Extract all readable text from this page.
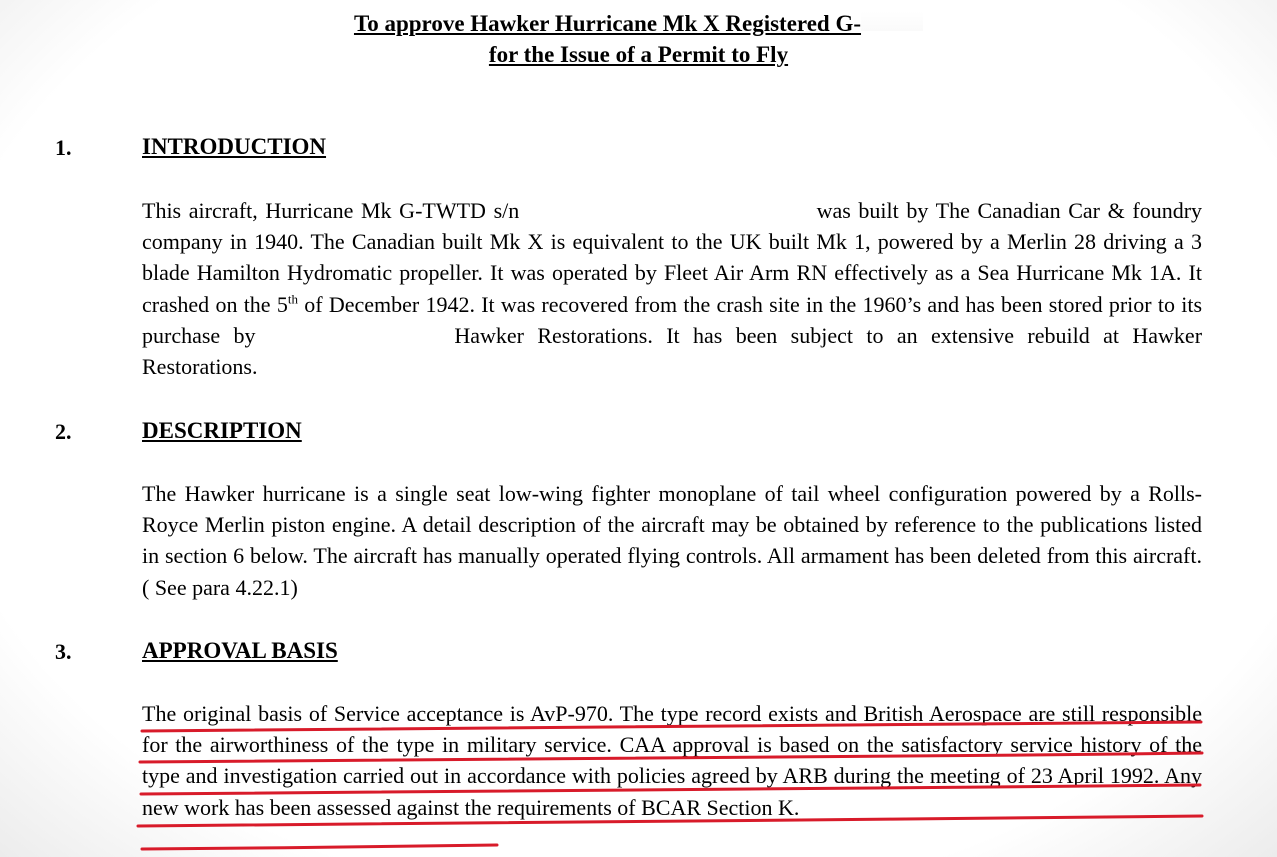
To approve Hawker Hurricane Mk X Registered G-
for the Issue of a Permit to Fly
1.	INTRODUCTION
This aircraft, Hurricane Mk G-TWTD s/n	was built by The Canadian Car & foundry company in 1940. The Canadian built Mk X is equivalent to the UK built Mk 1, powered by a Merlin 28 driving a 3 blade Hamilton Hydromatic propeller. It was operated by Fleet Air Arm RN effectively as a Sea Hurricane Mk 1A. It crashed on the 5th of December 1942. It was recovered from the crash site in the 1960’s and has been stored prior to its purchase by	Hawker Restorations. It has been subject to an extensive rebuild at Hawker Restorations.
2.	DESCRIPTION
The Hawker hurricane is a single seat low-wing fighter monoplane of tail wheel configuration powered by a Rolls-Royce Merlin piston engine. A detail description of the aircraft may be obtained by reference to the publications listed in section 6 below. The aircraft has manually operated flying controls. All armament has been deleted from this aircraft.( See para 4.22.1)
3.	APPROVAL BASIS
The original basis of Service acceptance is AvP-970. The type record exists and British Aerospace are still responsible for the airworthiness of the type in military service. CAA approval is based on the satisfactory service history of the type and investigation carried out in accordance with policies agreed by ARB during the meeting of 23 April 1992. Any new work has been assessed against the requirements of BCAR Section K.
